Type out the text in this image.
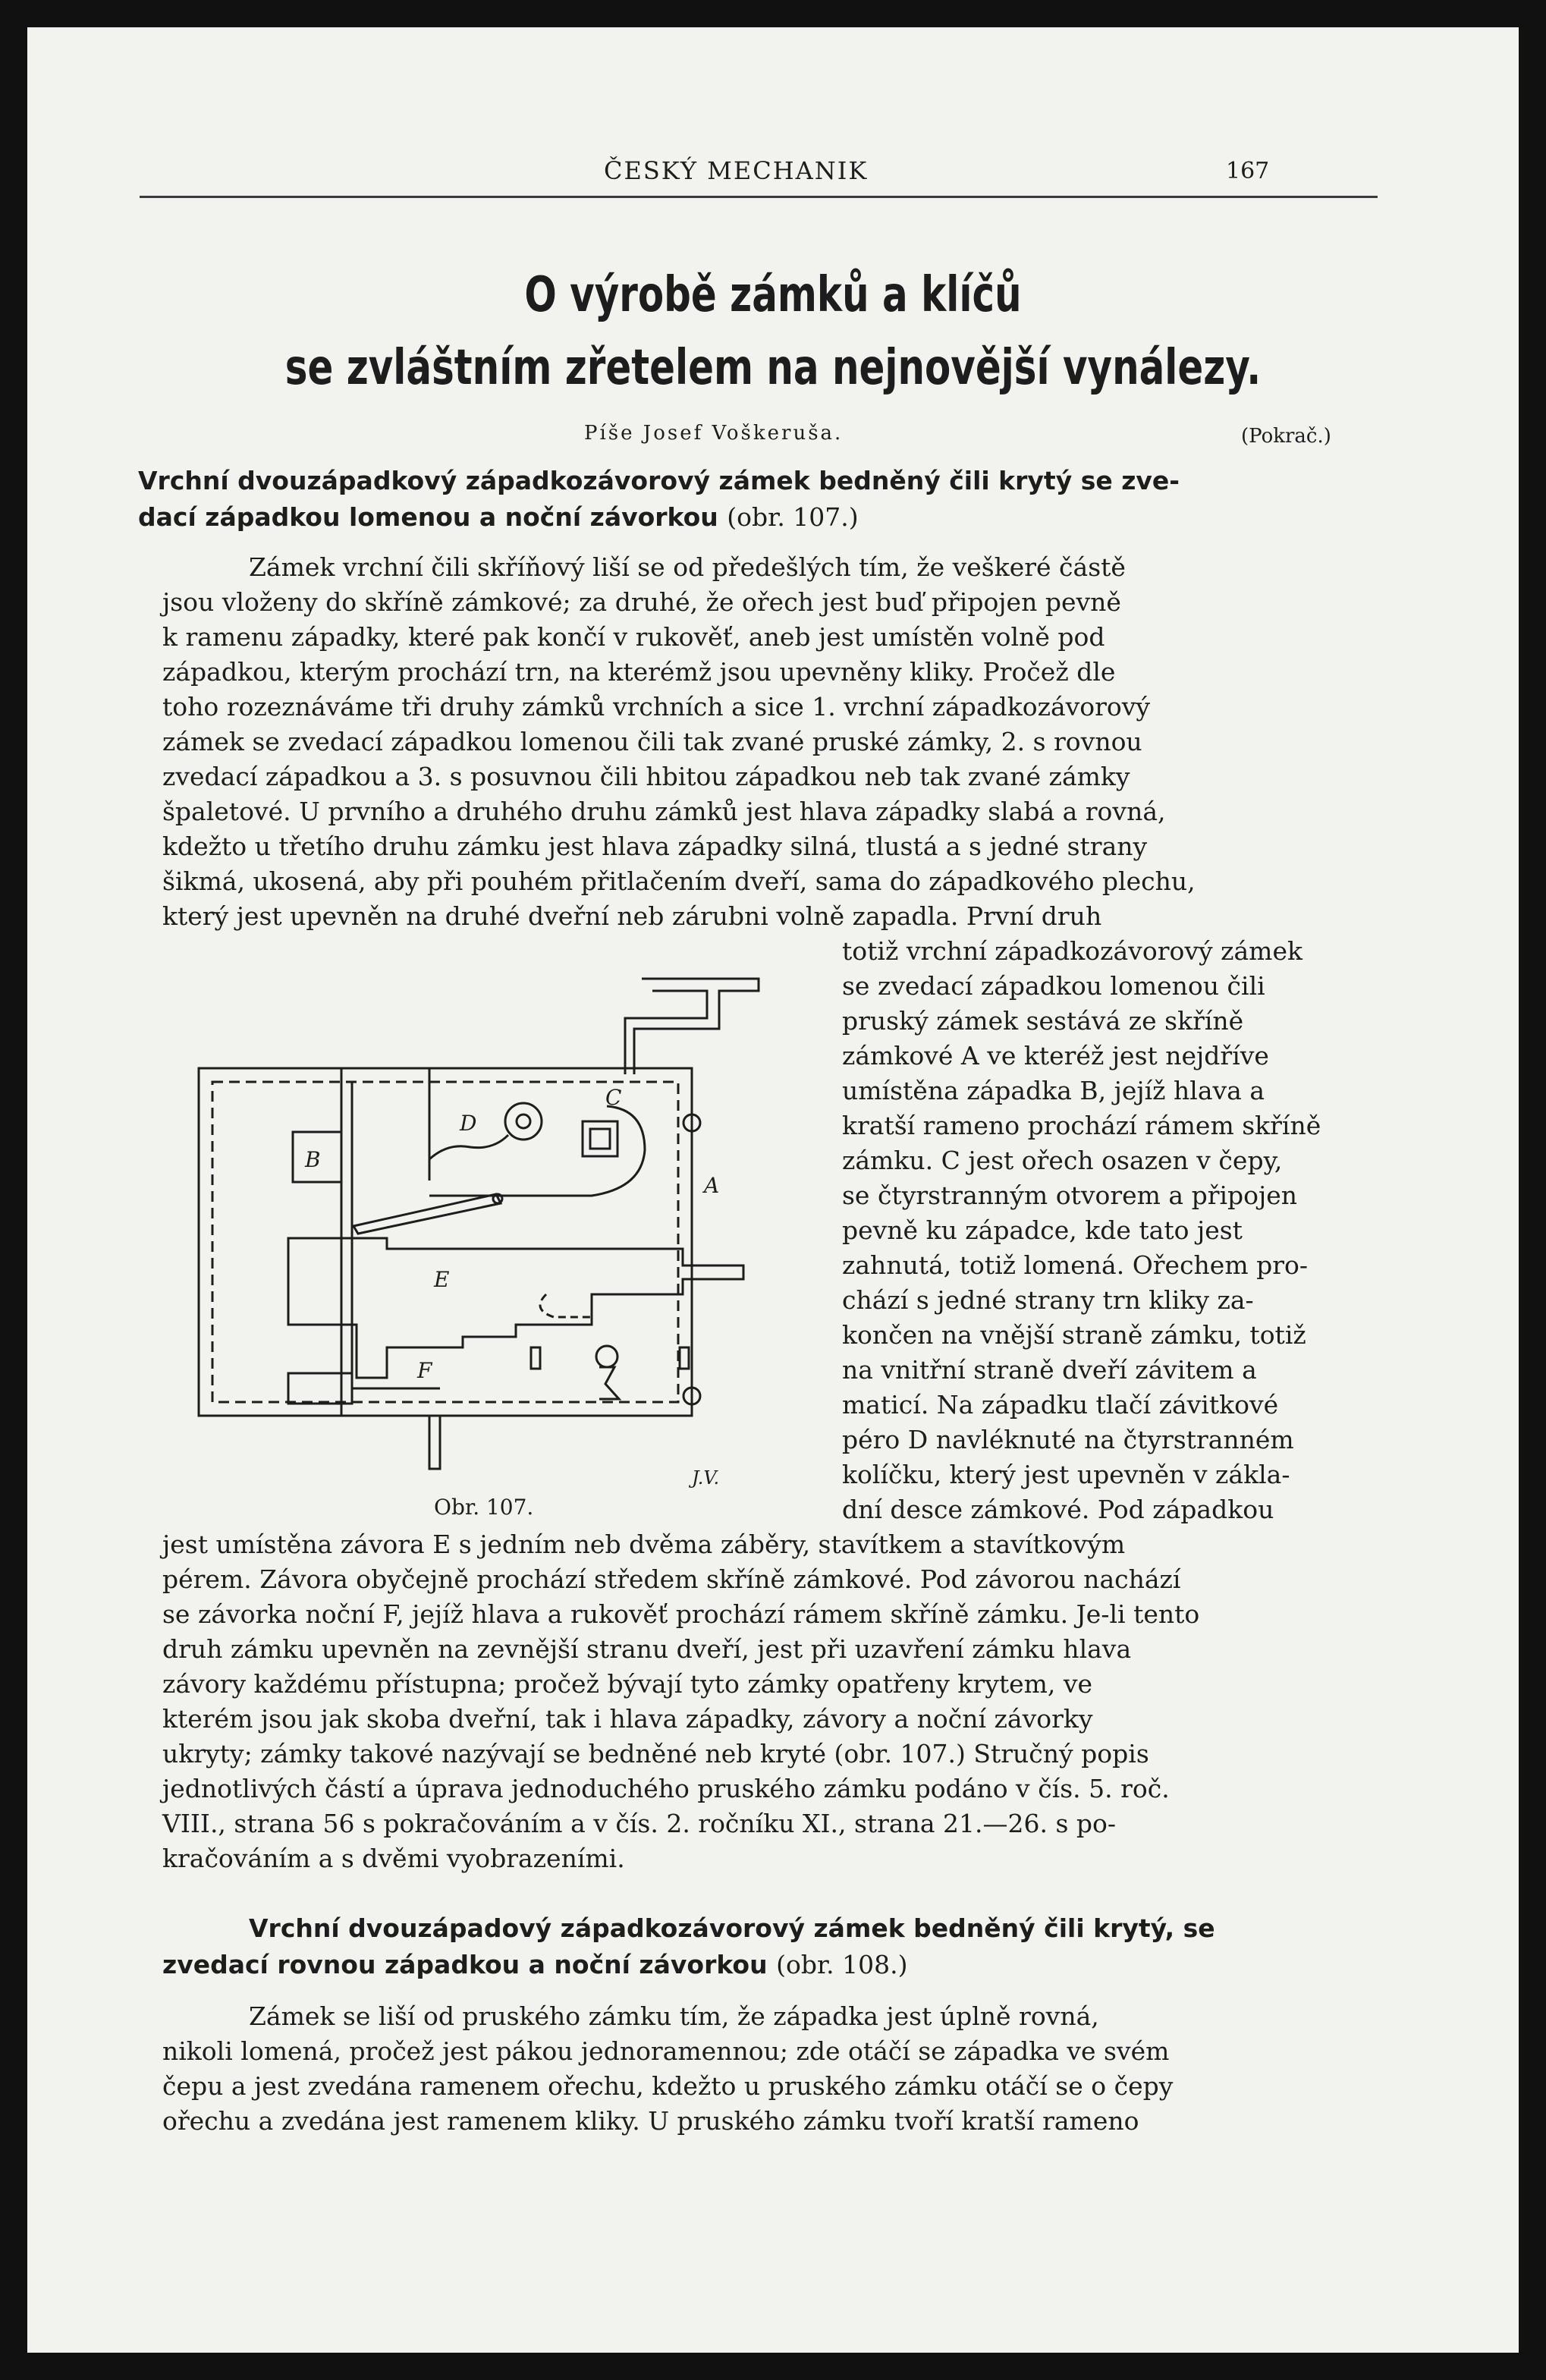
ČESKÝ MECHANIK	167
O výrobě zámků a klíčů
se zvláštním zřetelem na nejnovější vynálezy.
Píše Josef Voškeruša.	(Pokrač.)
Vrchní dvouzápadkový západkozávorový zámek bedněný čili krytý se zve-
dací západkou lomenou a noční závorkou (obr. 107.)
Zámek vrchní čili skříňový liší se od předešlých tím, že veškeré částě
jsou vloženy do skříně zámkové; za druhé, že ořech jest buď připojen pevně
k ramenu západky, které pak končí v rukověť, aneb jest umístěn volně pod
západkou, kterým prochází trn, na kterémž jsou upevněny kliky. Pročež dle
toho rozeznáváme tři druhy zámků vrchních a sice 1. vrchní západkozávorový
zámek se zvedací západkou lomenou čili tak zvané pruské zámky, 2. s rovnou
zvedací západkou a 3. s posuvnou čili hbitou západkou neb tak zvané zámky
špaletové. U prvního a druhého druhu zámků jest hlava západky slabá a rovná,
kdežto u třetího druhu zámku jest hlava západky silná, tlustá a s jedné strany
šikmá, ukosená, aby při pouhém přitlačením dveří, sama do západkového plechu,
který jest upevněn na druhé dveřní neb zárubni volně zapadla. První druh
totiž vrchní západkozávorový zámek
se zvedací západkou lomenou čili
pruský zámek sestává ze skříně
zámkové A ve kteréž jest nejdříve
umístěna západka B, jejíž hlava a
kratší rameno prochází rámem skříně
zámku. C jest ořech osazen v čepy,
se čtyrstranným otvorem a připojen
pevně ku západce, kde tato jest
zahnutá, totiž lomená. Ořechem pro-
chází s jedné strany trn kliky za-
končen na vnější straně zámku, totiž
na vnitřní straně dveří závitem a
maticí. Na západku tlačí závitkové
péro D navléknuté na čtyrstranném
kolíčku, který jest upevněn v zákla-
dní desce zámkové. Pod západkou
B
C
D
A
E
F
J.V.
Obr. 107.
jest umístěna závora E s jedním neb dvěma záběry, stavítkem a stavítkovým
pérem. Závora obyčejně prochází středem skříně zámkové. Pod závorou nachází
se závorka noční F, jejíž hlava a rukověť prochází rámem skříně zámku. Je-li tento
druh zámku upevněn na zevnější stranu dveří, jest při uzavření zámku hlava
závory každému přístupna; pročež bývají tyto zámky opatřeny krytem, ve
kterém jsou jak skoba dveřní, tak i hlava západky, závory a noční závorky
ukryty; zámky takové nazývají se bedněné neb kryté (obr. 107.) Stručný popis
jednotlivých částí a úprava jednoduchého pruského zámku podáno v čís. 5. roč.
VIII., strana 56 s pokračováním a v čís. 2. ročníku XI., strana 21.—26. s po-
kračováním a s dvěmi vyobrazeními.
Vrchní dvouzápadový západkozávorový zámek bedněný čili krytý, se
zvedací rovnou západkou a noční závorkou (obr. 108.)
Zámek se liší od pruského zámku tím, že západka jest úplně rovná,
nikoli lomená, pročež jest pákou jednoramennou; zde otáčí se západka ve svém
čepu a jest zvedána ramenem ořechu, kdežto u pruského zámku otáčí se o čepy
ořechu a zvedána jest ramenem kliky. U pruského zámku tvoří kratší rameno
